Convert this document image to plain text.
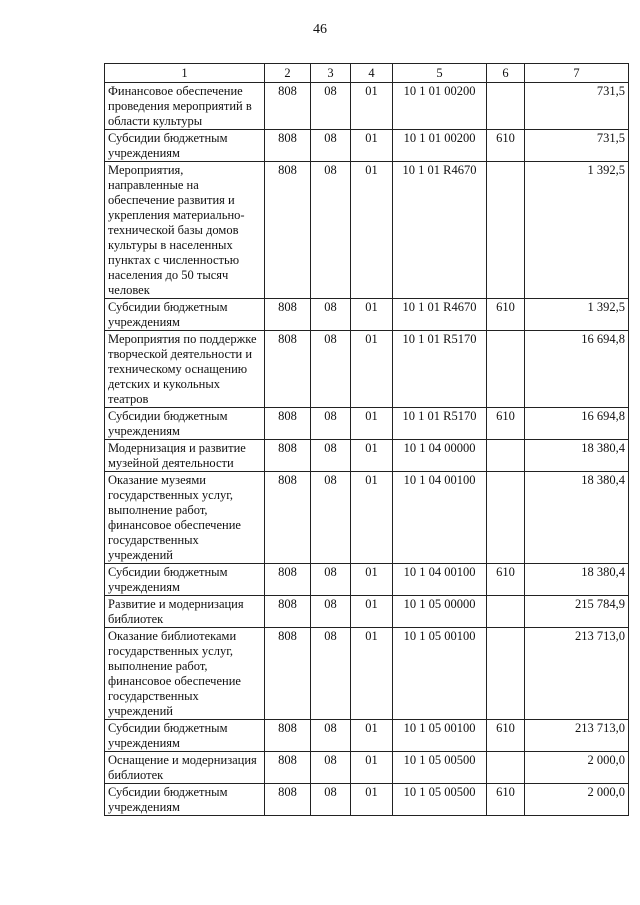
46
1	2	3	4	5	6	7
Финансовое обеспечение проведения мероприятий в области культуры	808	08	01	10 1 01 00200		731,5
Субсидии бюджетным учреждениям	808	08	01	10 1 01 00200	610	731,5
Мероприятия, направленные на обеспечение развития и укрепления материально-технической базы домов культуры в населенных пунктах с численностью населения до 50 тысяч человек	808	08	01	10 1 01 R4670		1 392,5
Субсидии бюджетным учреждениям	808	08	01	10 1 01 R4670	610	1 392,5
Мероприятия по поддержке творческой деятельности и техническому оснащению детских и кукольных театров	808	08	01	10 1 01 R5170		16 694,8
Субсидии бюджетным учреждениям	808	08	01	10 1 01 R5170	610	16 694,8
Модернизация и развитие музейной деятельности	808	08	01	10 1 04 00000		18 380,4
Оказание музеями государственных услуг, выполнение работ, финансовое обеспечение государственных учреждений	808	08	01	10 1 04 00100		18 380,4
Субсидии бюджетным учреждениям	808	08	01	10 1 04 00100	610	18 380,4
Развитие и модернизация библиотек	808	08	01	10 1 05 00000		215 784,9
Оказание библиотеками государственных услуг, выполнение работ, финансовое обеспечение государственных учреждений	808	08	01	10 1 05 00100		213 713,0
Субсидии бюджетным учреждениям	808	08	01	10 1 05 00100	610	213 713,0
Оснащение и модернизация библиотек	808	08	01	10 1 05 00500		2 000,0
Субсидии бюджетным учреждениям	808	08	01	10 1 05 00500	610	2 000,0
